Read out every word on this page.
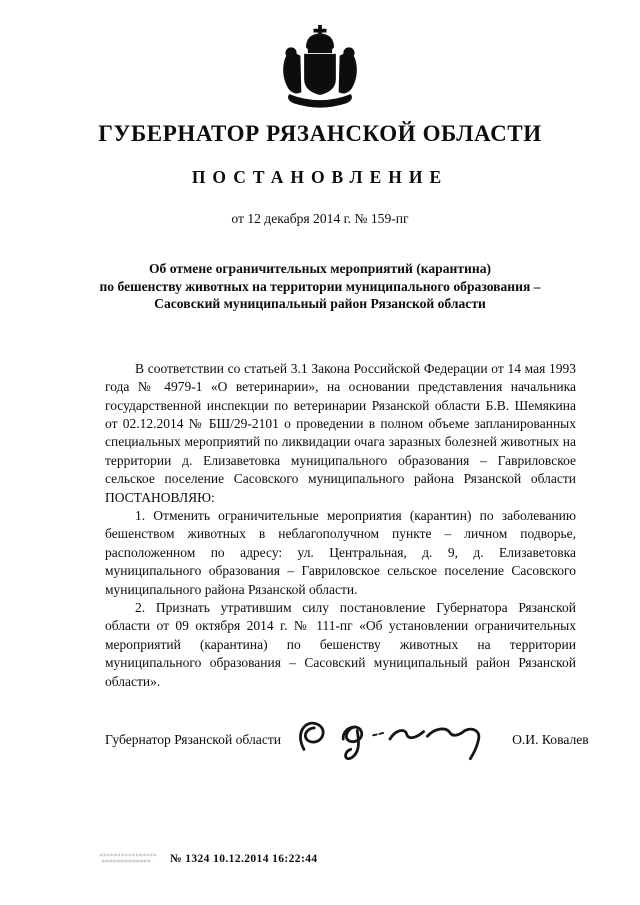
ГУБЕРНАТОР РЯЗАНСКОЙ ОБЛАСТИ
ПОСТАНОВЛЕНИЕ
от 12 декабря 2014 г. № 159-пг
Об отмене ограничительных мероприятий (карантина)
по бешенству животных на территории муниципального образования –
Сасовский муниципальный район Рязанской области

В соответствии со статьей 3.1 Закона Российской Федерации от 14 мая 1993 года № 4979-1 «О ветеринарии», на основании представления начальника государственной инспекции по ветеринарии Рязанской области Б.В. Шемякина от 02.12.2014 № БШ/29-2101 о проведении в полном объеме запланированных специальных мероприятий по ликвидации очага заразных болезней животных на территории д. Елизаветовка муниципального образования – Гавриловское сельское поселение Сасовского муниципального района Рязанской области ПОСТАНОВЛЯЮ:

1. Отменить ограничительные мероприятия (карантин) по заболеванию бешенством животных в неблагополучном пункте – личном подворье, расположенном по адресу: ул. Центральная, д. 9, д. Елизаветовка муниципального образования – Гавриловское сельское поселение Сасовского муниципального района Рязанской области.

2. Признать утратившим силу постановление Губернатора Рязанской области от 09 октября 2014 г. № 111-пг «Об установлении ограничительных мероприятий (карантина) по бешенству животных на территории муниципального образования – Сасовский муниципальный район Рязанской области».

Губернатор Рязанской области	О.И. Ковалев
№ 1324 10.12.2014 16:22:44
